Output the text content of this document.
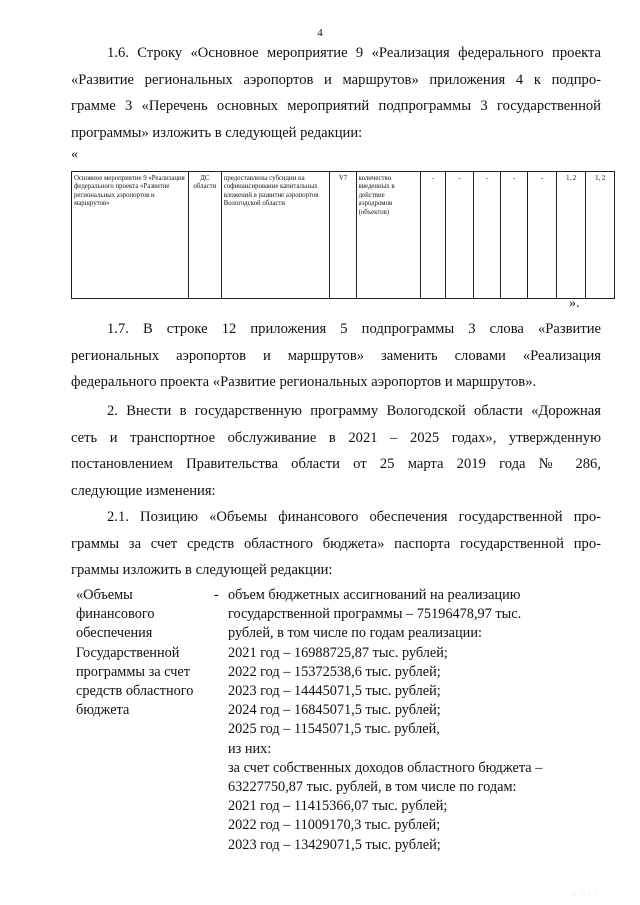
4
1.6. Строку «Основное мероприятие 9 «Реализация федерального проекта
«Развитие региональных аэропортов и маршрутов» приложения 4 к подпро-
грамме 3 «Перечень основных мероприятий подпрограммы 3 государственной
программы» изложить в следующей редакции:
«
Основное мероприятие 9 «Реализация федерального проекта «Развитие региональных аэропортов и маршрутов»	ДС области	предоставлены субсидии на софинансирование капитальных вложений в развитие аэропортов Вологодской области	V7	количество введенных в действие аэродромов (объектов)	-	-	-	-	-	1, 2	1, 2
».
1.7. В строке 12 приложения 5 подпрограммы 3 слова «Развитие
региональных аэропортов и маршрутов» заменить словами «Реализация
федерального проекта «Развитие региональных аэропортов и маршрутов».
2. Внести в государственную программу Вологодской области «Дорожная
сеть и транспортное обслуживание в 2021 – 2025 годах», утвержденную
постановлением Правительства области от 25 марта 2019 года № 286,
следующие изменения:
2.1. Позицию «Объемы финансового обеспечения государственной про-
граммы за счет средств областного бюджета» паспорта государственной про-
граммы изложить в следующей редакции:
«Объемы
финансового
обеспечения
Государственной
программы за счет
средств областного
бюджета
- объем бюджетных ассигнований на реализацию
государственной программы – 75196478,97 тыс.
рублей, в том числе по годам реализации:
2021 год – 16988725,87 тыс. рублей;
2022 год – 15372538,6 тыс. рублей;
2023 год – 14445071,5 тыс. рублей;
2024 год – 16845071,5 тыс. рублей;
2025 год – 11545071,5 тыс. рублей,
из них:
за счет собственных доходов областного бюджета –
63227750,87 тыс. рублей, в том числе по годам:
2021 год – 11415366,07 тыс. рублей;
2022 год – 11009170,3 тыс. рублей;
2023 год – 13429071,5 тыс. рублей;
· · · ·
